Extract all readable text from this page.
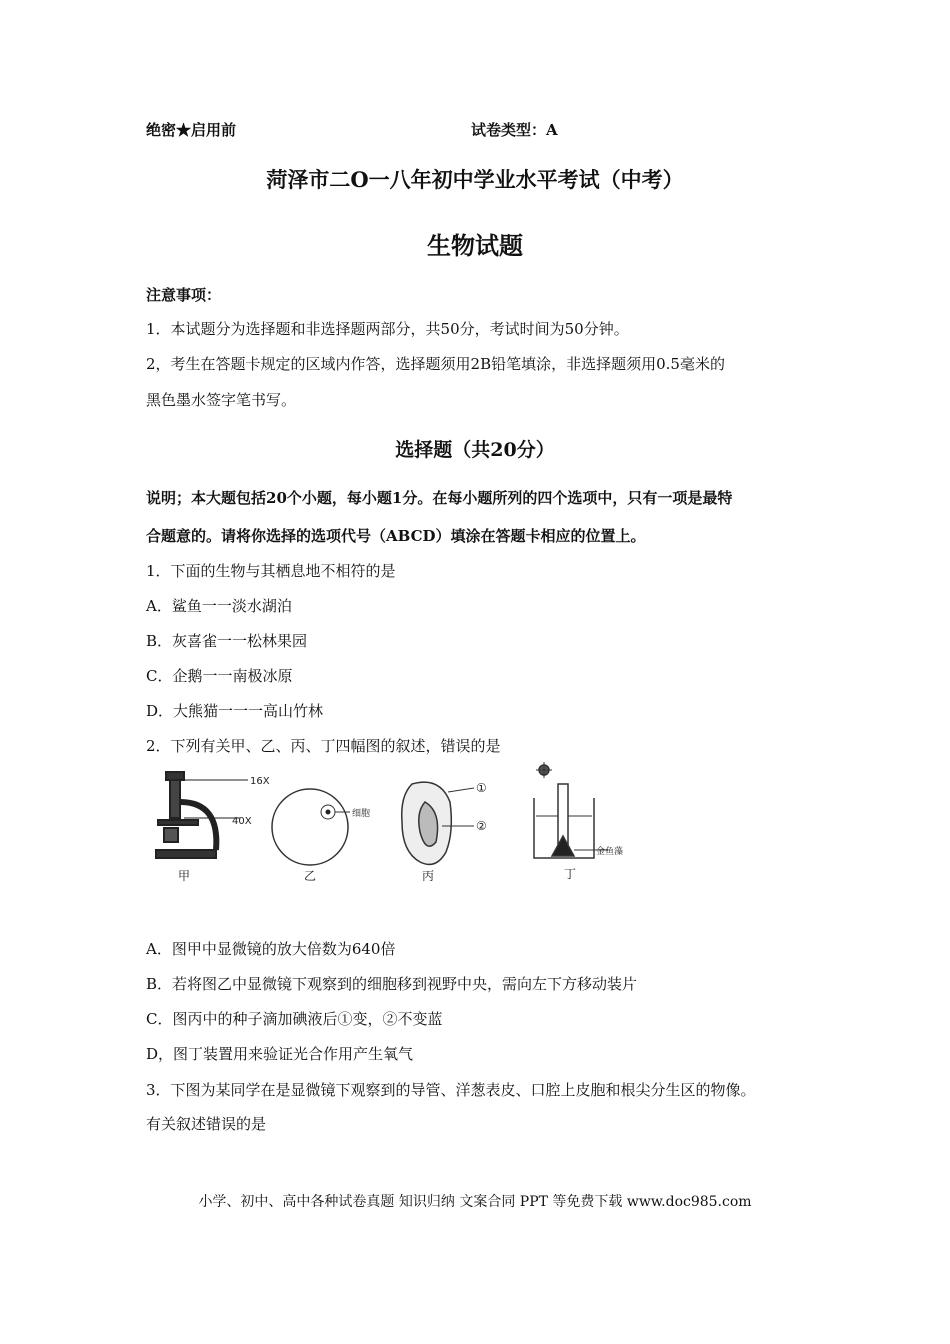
绝密★启用前	试卷类型：A
菏泽市二O一八年初中学业水平考试（中考）
生物试题
注意事项：
1．本试题分为选择题和非选择题两部分，共50分，考试时间为50分钟。
2，考生在答题卡规定的区域内作答，选择题须用2B铅笔填涂，非选择题须用0.5毫米的
黑色墨水签字笔书写。
选择题（共20分）
说明；本大题包括20个小题，每小题1分。在每小题所列的四个选项中，只有一项是最特
合题意的。请将你选择的选项代号（ABCD）填涂在答题卡相应的位置上。
1．下面的生物与其栖息地不相符的是
A．鲨鱼一一淡水湖泊
B．灰喜雀一一松林果园
C．企鹅一一南极冰原
D．大熊猫一一一高山竹林
2．下列有关甲、乙、丙、丁四幅图的叙述，错误的是
16X
40X
甲
细胞
乙
①
②
丙
金鱼藻
丁
A．图甲中显微镜的放大倍数为640倍
B．若将图乙中显微镜下观察到的细胞移到视野中央，需向左下方移动装片
C．图丙中的种子滴加碘液后①变，②不变蓝
D，图丁装置用来验证光合作用产生氧气
3．下图为某同学在是显微镜下观察到的导管、洋葱表皮、口腔上皮胞和根尖分生区的物像。
有关叙述错误的是
小学、初中、高中各种试卷真题 知识归纳 文案合同 PPT 等免费下载 www.doc985.com
